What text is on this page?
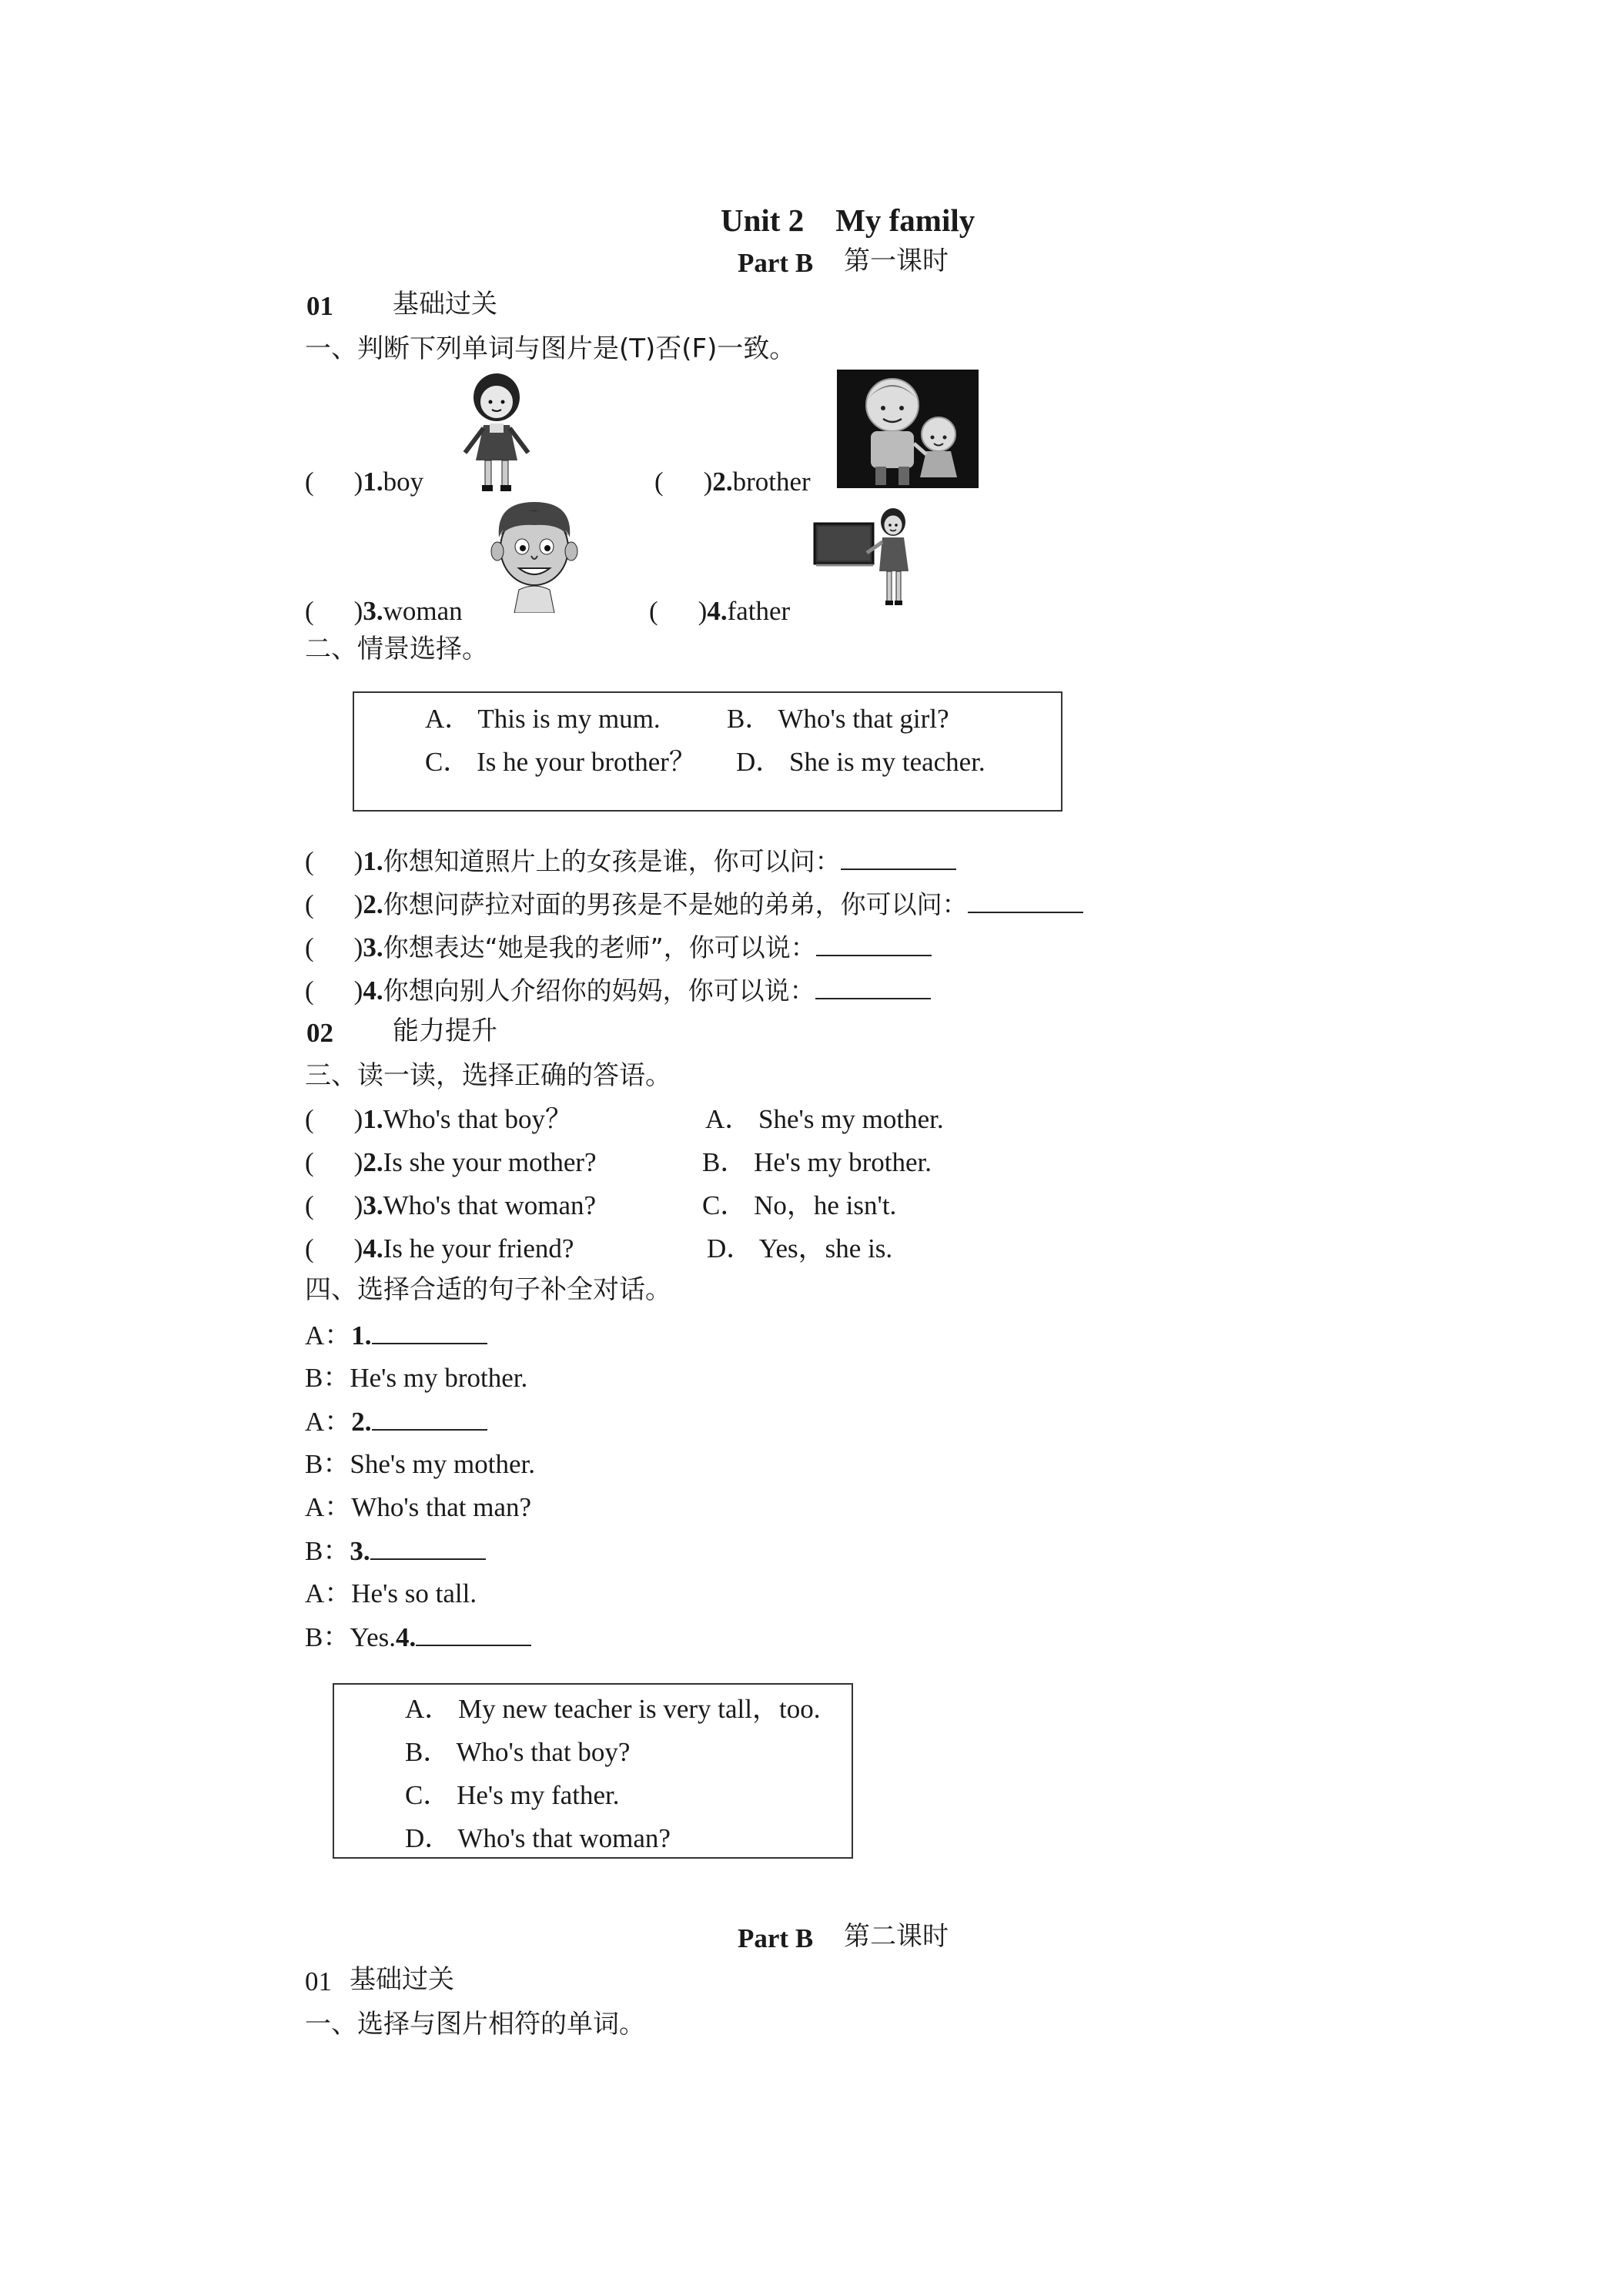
Unit 2　My family
Part B 第一课时
01 基础过关
一、判断下列单词与图片是(T)否(F)一致。
( )1.boy	( )2.brother
( )3.woman	( )4.father
二、情景选择。
A． This is my mum. B． Who's that girl?
C． Is he your brother？ D． She is my teacher.
( )1.你想知道照片上的女孩是谁，你可以问：
( )2.你想问萨拉对面的男孩是不是她的弟弟，你可以问：
( )3.你想表达“她是我的老师”，你可以说：
( )4.你想向别人介绍你的妈妈，你可以说：
02 能力提升
三、读一读，选择正确的答语。
( )1.Who's that boy？	A． She's my mother.
( )2.Is she your mother?	B． He's my brother.
( )3.Who's that woman?	C． No，he isn't.
( )4.Is he your friend?	D． Yes，she is.
四、选择合适的句子补全对话。
A：1.
B：He's my brother.
A：2.
B：She's my mother.
A：Who's that man?
B：3.
A：He's so tall.
B：Yes.4.
A． My new teacher is very tall，too.
B． Who's that boy?
C． He's my father.
D． Who's that woman?
Part B 第二课时
01 基础过关
一、选择与图片相符的单词。
